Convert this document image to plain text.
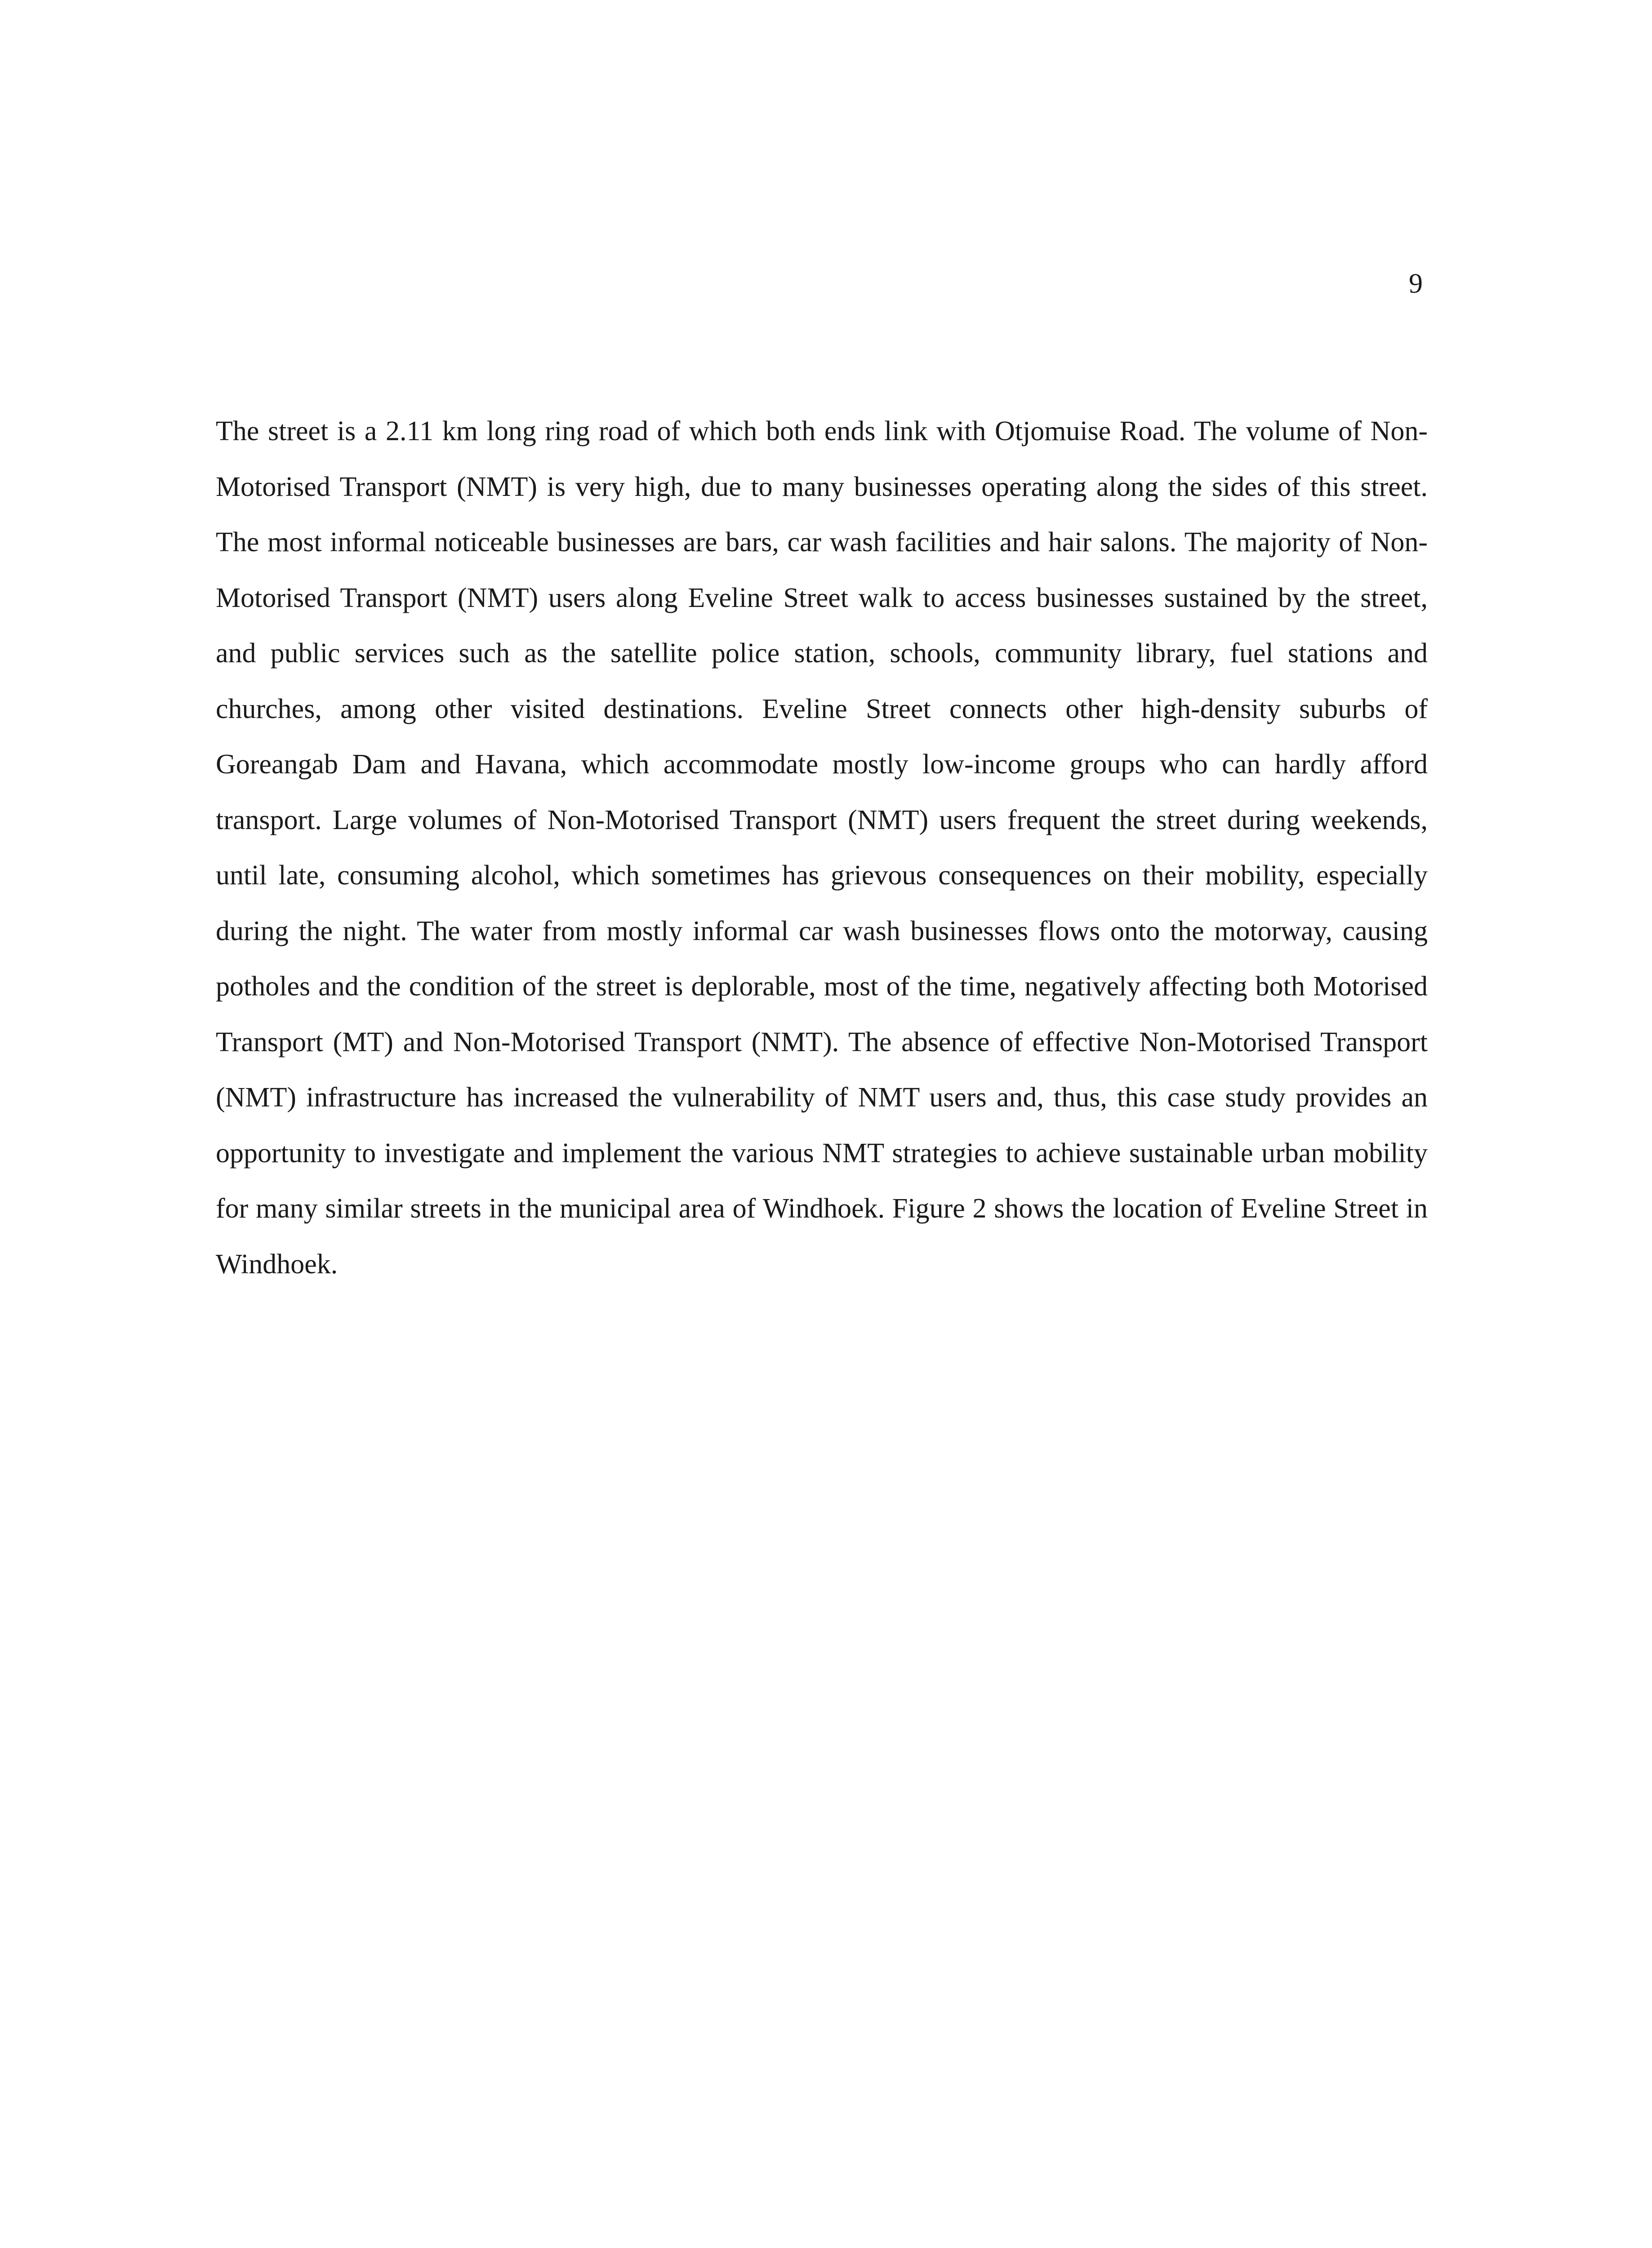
9

The street is a 2.11 km long ring road of which both ends link with Otjomuise Road. The volume of Non-Motorised Transport (NMT) is very high, due to many businesses operating along the sides of this street. The most informal noticeable businesses are bars, car wash facilities and hair salons. The majority of Non-Motorised Transport (NMT) users along Eveline Street walk to access businesses sustained by the street, and public services such as the satellite police station, schools, community library, fuel stations and churches, among other visited destinations. Eveline Street connects other high-density suburbs of Goreangab Dam and Havana, which accommodate mostly low-income groups who can hardly afford transport. Large volumes of Non-Motorised Transport (NMT) users frequent the street during weekends, until late, consuming alcohol, which sometimes has grievous consequences on their mobility, especially during the night. The water from mostly informal car wash businesses flows onto the motorway, causing potholes and the condition of the street is deplorable, most of the time, negatively affecting both Motorised Transport (MT) and Non-Motorised Transport (NMT). The absence of effective Non-Motorised Transport (NMT) infrastructure has increased the vulnerability of NMT users and, thus, this case study provides an opportunity to investigate and implement the various NMT strategies to achieve sustainable urban mobility for many similar streets in the municipal area of Windhoek. Figure 2 shows the location of Eveline Street in Windhoek.
